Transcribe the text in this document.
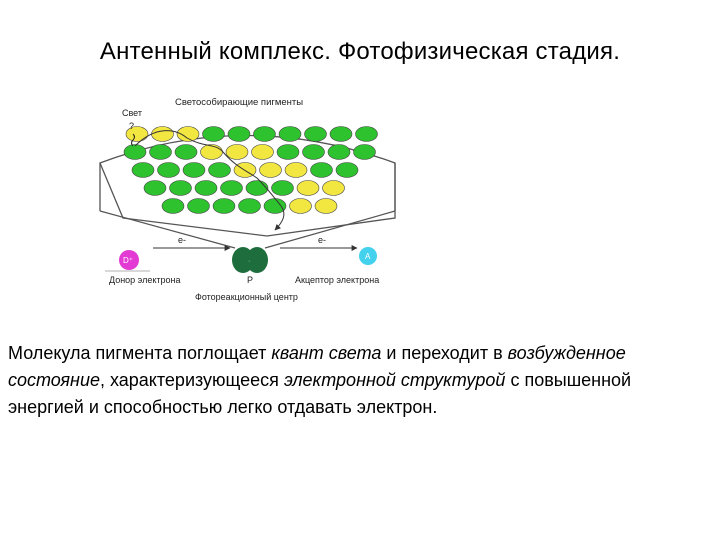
Антенный комплекс. Фотофизическая стадия.
Свет
?
Светособирающие пигменты
D⁺
e-
·
e-
A
Донор электрона	P	Акцептор электрона
Фотореакционный центр
Молекула пигмента поглощает квант света и переходит в возбужденное состояние, характеризующееся электронной структурой с повышенной энергией и способностью легко отдавать электрон.
